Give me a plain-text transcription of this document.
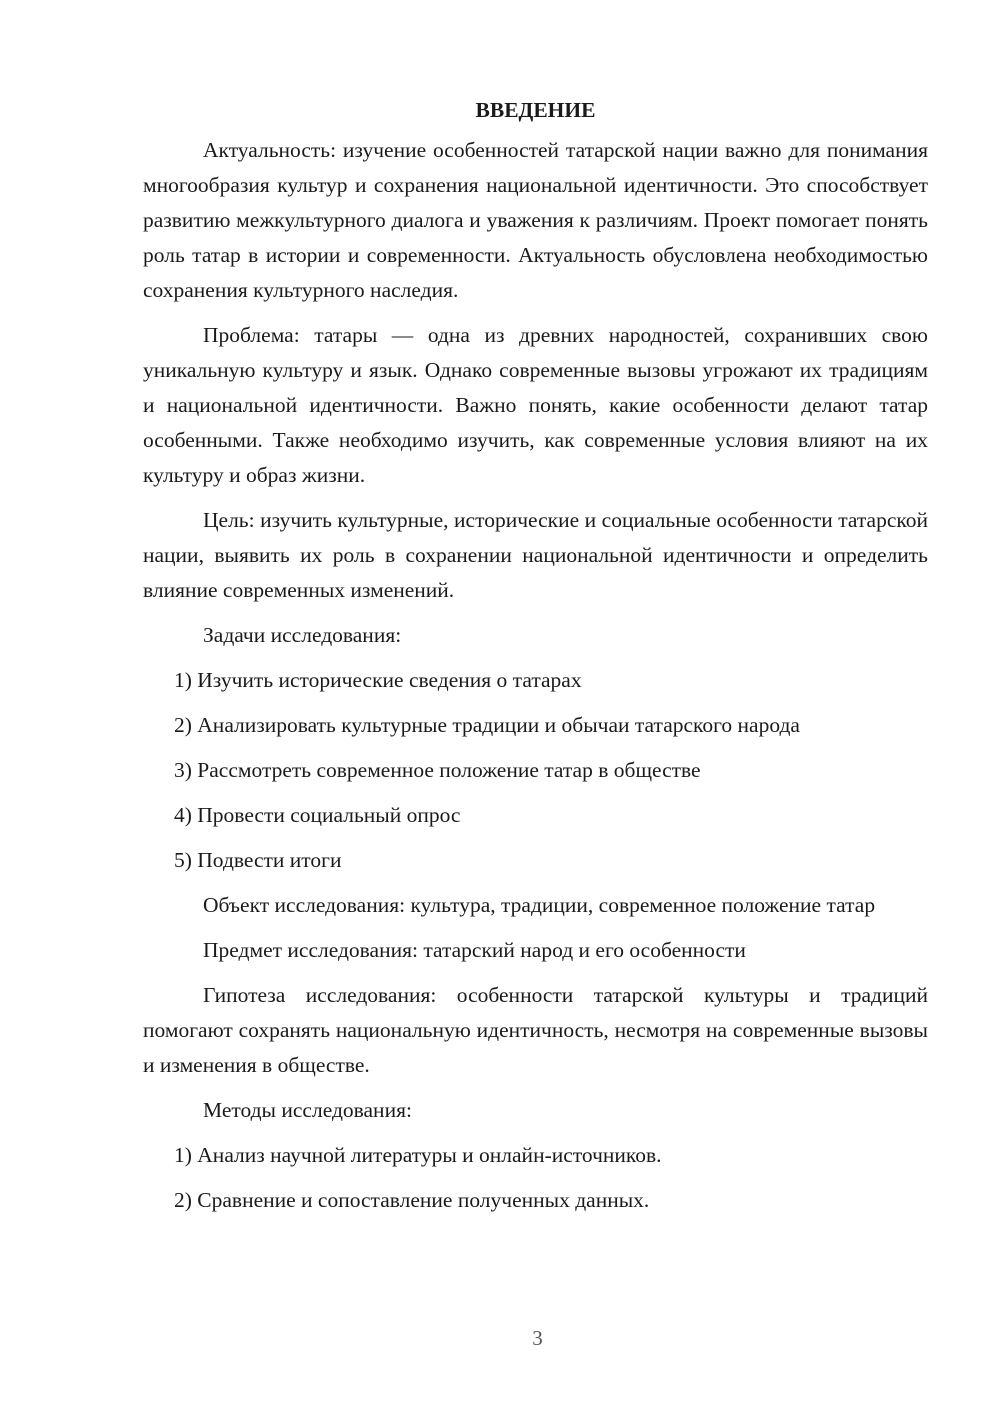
ВВЕДЕНИЕ

Актуальность: изучение особенностей татарской нации важно для понимания многообразия культур и сохранения национальной идентичности. Это способствует развитию межкультурного диалога и уважения к различиям. Проект помогает понять роль татар в истории и современности. Актуальность обусловлена необходимостью сохранения культурного наследия.

Проблема: татары — одна из древних народностей, сохранивших свою уникальную культуру и язык. Однако современные вызовы угрожают их традициям и национальной идентичности. Важно понять, какие особенности делают татар особенными. Также необходимо изучить, как современные условия влияют на их культуру и образ жизни.

Цель: изучить культурные, исторические и социальные особенности татарской нации, выявить их роль в сохранении национальной идентичности и определить влияние современных изменений.

Задачи исследования:

1) Изучить исторические сведения о татарах

2) Анализировать культурные традиции и обычаи татарского народа

3) Рассмотреть современное положение татар в обществе

4) Провести социальный опрос

5) Подвести итоги

Объект исследования: культура, традиции, современное положение татар

Предмет исследования: татарский народ и его особенности

Гипотеза исследования: особенности татарской культуры и традиций помогают сохранять национальную идентичность, несмотря на современные вызовы и изменения в обществе.

Методы исследования:

1) Анализ научной литературы и онлайн-источников.

2) Сравнение и сопоставление полученных данных.

3
